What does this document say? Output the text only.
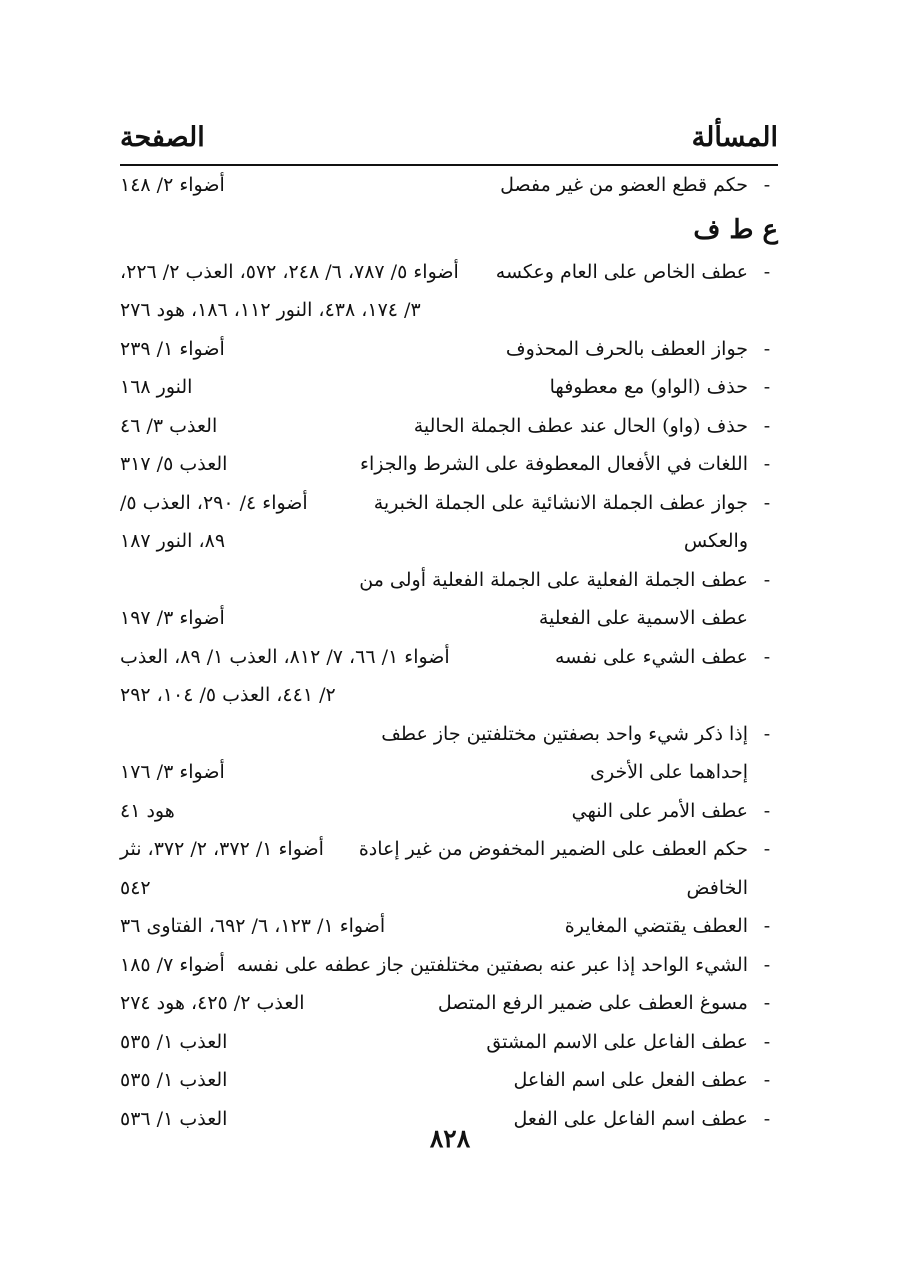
المسألة
الصفحة
-
حكم قطع العضو من غير مفصل
أضواء ٢/ ١٤٨
ع ط ف
-
عطف الخاص على العام وعكسه
أضواء ٥/ ٧٨٧، ٦/ ٢٤٨، ٥٧٢، العذب ٢/ ٢٢٦،
٣/ ١٧٤، ٤٣٨، النور ١١٢، ١٨٦، هود ٢٧٦
-
جواز العطف بالحرف المحذوف
أضواء ١/ ٢٣٩
-
حذف (الواو) مع معطوفها
النور ١٦٨
-
حذف (واو) الحال عند عطف الجملة الحالية
العذب ٣/ ٤٦
-
اللغات في الأفعال المعطوفة على الشرط والجزاء
العذب ٥/ ٣١٧
-
جواز عطف الجملة الانشائية على الجملة الخبرية
أضواء ٤/ ٢٩٠، العذب ٥/
والعكس
٨٩، النور ١٨٧
-
عطف الجملة الفعلية على الجملة الفعلية أولى من
عطف الاسمية على الفعلية
أضواء ٣/ ١٩٧
-
عطف الشيء على نفسه
أضواء ١/ ٦٦، ٧/ ٨١٢، العذب ١/ ٨٩، العذب
٢/ ٤٤١، العذب ٥/ ١٠٤، ٢٩٢
-
إذا ذكر شيء واحد بصفتين مختلفتين جاز عطف
إحداهما على الأخرى
أضواء ٣/ ١٧٦
-
عطف الأمر على النهي
هود ٤١
-
حكم العطف على الضمير المخفوض من غير إعادة
أضواء ١/ ٣٧٢، ٢/ ٣٧٢، نثر
الخافض
٥٤٢
-
العطف يقتضي المغايرة
أضواء ١/ ١٢٣، ٦/ ٦٩٢، الفتاوى ٣٦
-
الشيء الواحد إذا عبر عنه بصفتين مختلفتين جاز عطفه على نفسه
أضواء ٧/ ١٨٥
-
مسوغ العطف على ضمير الرفع المتصل
العذب ٢/ ٤٢٥، هود ٢٧٤
-
عطف الفاعل على الاسم المشتق
العذب ١/ ٥٣٥
-
عطف الفعل على اسم الفاعل
العذب ١/ ٥٣٥
-
عطف اسم الفاعل على الفعل
العذب ١/ ٥٣٦
٨٢٨
